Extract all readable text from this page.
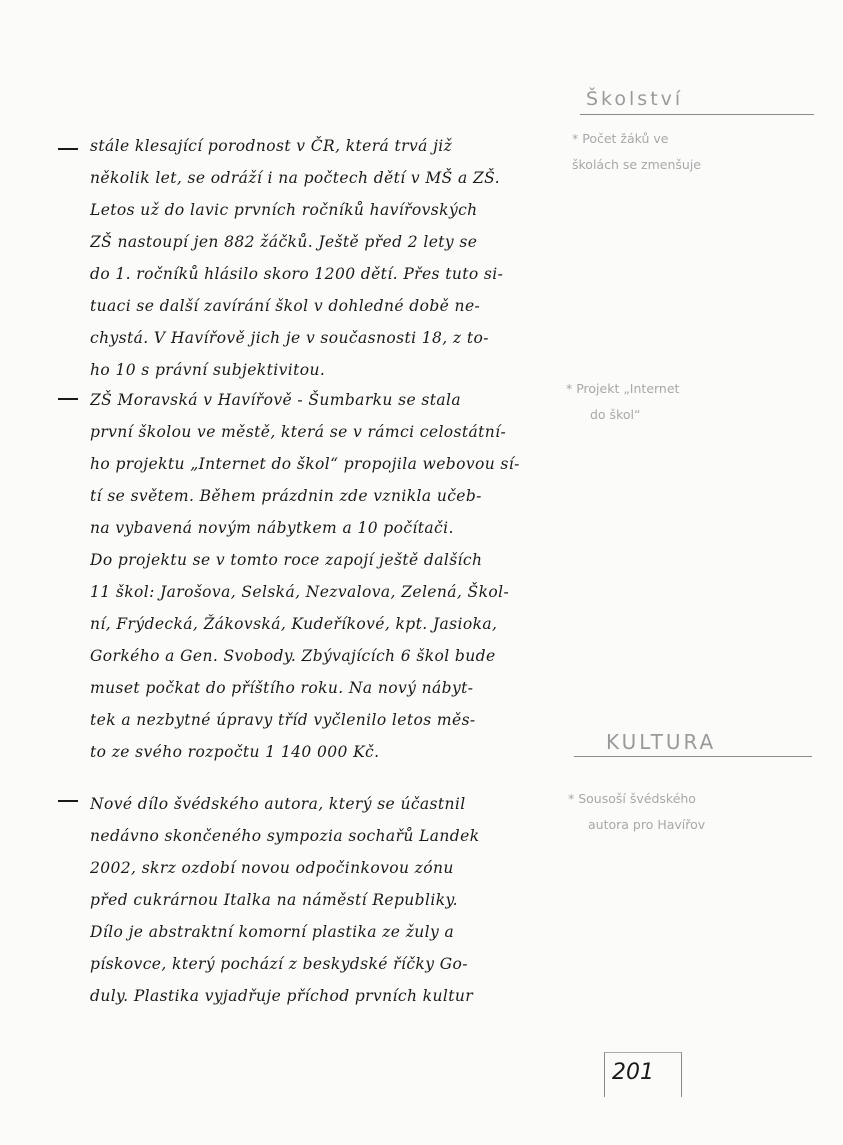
Školství
stále klesající porodnost v ČR, která trvá již
několik let, se odráží i na počtech dětí v MŠ a ZŠ.
Letos už do lavic prvních ročníků havířovských
ZŠ nastoupí jen 882 žáčků. Ještě před 2 lety se
do 1. ročníků hlásilo skoro 1200 dětí. Přes tuto si-
tuaci se další zavírání škol v dohledné době ne-
chystá. V Havířově jich je v současnosti 18, z to-
ho 10 s právní subjektivitou.
* Počet žáků ve
školách se zmenšuje
ZŠ Moravská v Havířově - Šumbarku se stala
první školou ve městě, která se v rámci celostátní-
ho projektu „Internet do škol“ propojila webovou sí-
tí se světem. Během prázdnin zde vznikla učeb-
na vybavená novým nábytkem a 10 počítači.
Do projektu se v tomto roce zapojí ještě dalších
11 škol: Jarošova, Selská, Nezvalova, Zelená, Škol-
ní, Frýdecká, Žákovská, Kudeříkové, kpt. Jasioka,
Gorkého a Gen. Svobody. Zbývajících 6 škol bude
muset počkat do příštího roku. Na nový nábyt-
tek a nezbytné úpravy tříd vyčlenilo letos měs-
to ze svého rozpočtu 1 140 000 Kč.
* Projekt „Internet
do škol“
KULTURA
Nové dílo švédského autora, který se účastnil
nedávno skončeného sympozia sochařů Landek
2002, skrz ozdobí novou odpočinkovou zónu
před cukrárnou Italka na náměstí Republiky.
Dílo je abstraktní komorní plastika ze žuly a
pískovce, který pochází z beskydské říčky Go-
duly. Plastika vyjadřuje příchod prvních kultur
* Sousoší švédského
autora pro Havířov
201
